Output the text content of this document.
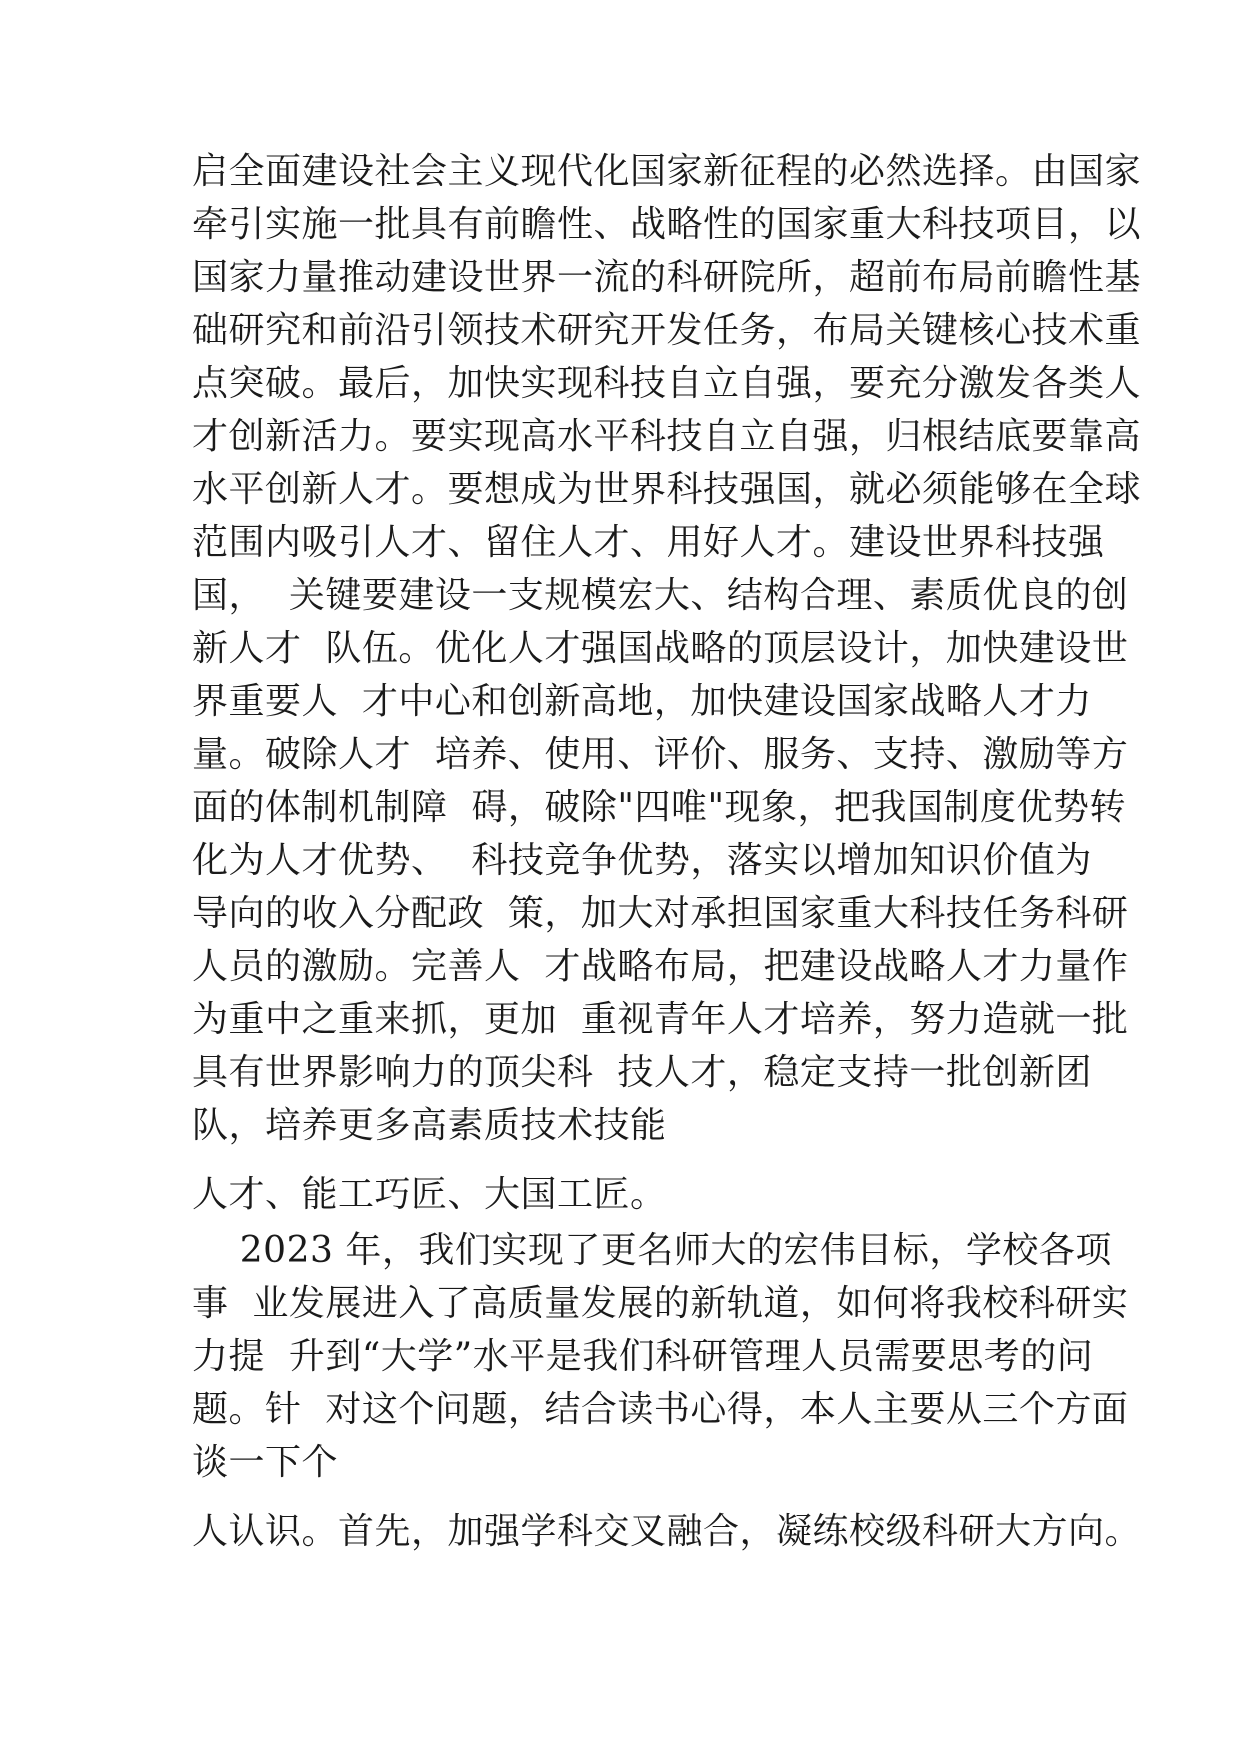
启全面建设社会主义现代化国家新征程的必然选择。由国家
牵引实施一批具有前瞻性、战略性的国家重大科技项目，以
国家力量推动建设世界一流的科研院所，超前布局前瞻性基
础研究和前沿引领技术研究开发任务，布局关键核心技术重
点突破。最后，加快实现科技自立自强，要充分激发各类人
才创新活力。要实现高水平科技自立自强，归根结底要靠高
水平创新人才。要想成为世界科技强国，就必须能够在全球
范围内吸引人才、留住人才、用好人才。建设世界科技强
国，  关键要建设一支规模宏大、结构合理、素质优良的创
新人才  队伍。优化人才强国战略的顶层设计，加快建设世
界重要人  才中心和创新高地，加快建设国家战略人才力
量。破除人才  培养、使用、评价、服务、支持、激励等方
面的体制机制障  碍，破除"四唯"现象，把我国制度优势转
化为人才优势、  科技竞争优势，落实以增加知识价值为
导向的收入分配政  策，加大对承担国家重大科技任务科研
人员的激励。完善人  才战略布局，把建设战略人才力量作
为重中之重来抓，更加  重视青年人才培养，努力造就一批
具有世界影响力的顶尖科  技人才，稳定支持一批创新团
队，培养更多高素质技术技能
人才、能工巧匠、大国工匠。
2023 年，我们实现了更名师大的宏伟目标，学校各项
事  业发展进入了高质量发展的新轨道，如何将我校科研实
力提  升到“大学”水平是我们科研管理人员需要思考的问
题。针  对这个问题，结合读书心得，本人主要从三个方面
谈一下个
人认识。首先，加强学科交叉融合，凝练校级科研大方向。
